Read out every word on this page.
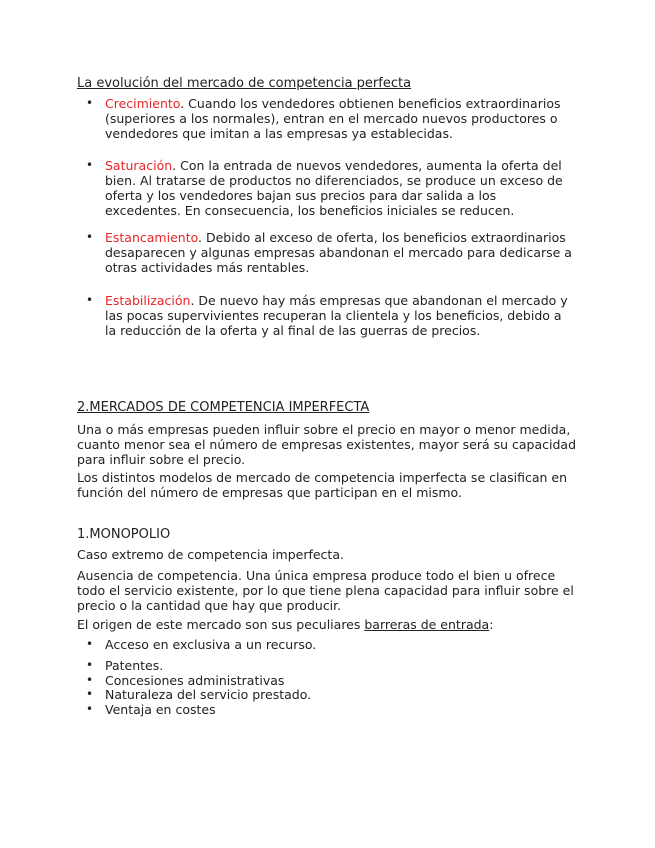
La evolución del mercado de competencia perfecta
• Crecimiento. Cuando los vendedores obtienen beneficios extraordinarios (superiores a los normales), entran en el mercado nuevos productores o vendedores que imitan a las empresas ya establecidas.

• Saturación. Con la entrada de nuevos vendedores, aumenta la oferta del bien. Al tratarse de productos no diferenciados, se produce un exceso de oferta y los vendedores bajan sus precios para dar salida a los excedentes. En consecuencia, los beneficios iniciales se reducen.

• Estancamiento. Debido al exceso de oferta, los beneficios extraordinarios desaparecen y algunas empresas abandonan el mercado para dedicarse a otras actividades más rentables.

• Estabilización. De nuevo hay más empresas que abandonan el mercado y las pocas supervivientes recuperan la clientela y los beneficios, debido a la reducción de la oferta y al final de las guerras de precios.

2.MERCADOS DE COMPETENCIA IMPERFECTA
Una o más empresas pueden influir sobre el precio en mayor o menor medida, cuanto menor sea el número de empresas existentes, mayor será su capacidad para influir sobre el precio.
Los distintos modelos de mercado de competencia imperfecta se clasifican en función del número de empresas que participan en el mismo.
1.MONOPOLIO
Caso extremo de competencia imperfecta.
Ausencia de competencia. Una única empresa produce todo el bien u ofrece todo el servicio existente, por lo que tiene plena capacidad para influir sobre el precio o la cantidad que hay que producir.
El origen de este mercado son sus peculiares barreras de entrada:
• Acceso en exclusiva a un recurso.
• Patentes.
• Concesiones administrativas
• Naturaleza del servicio prestado.
• Ventaja en costes
